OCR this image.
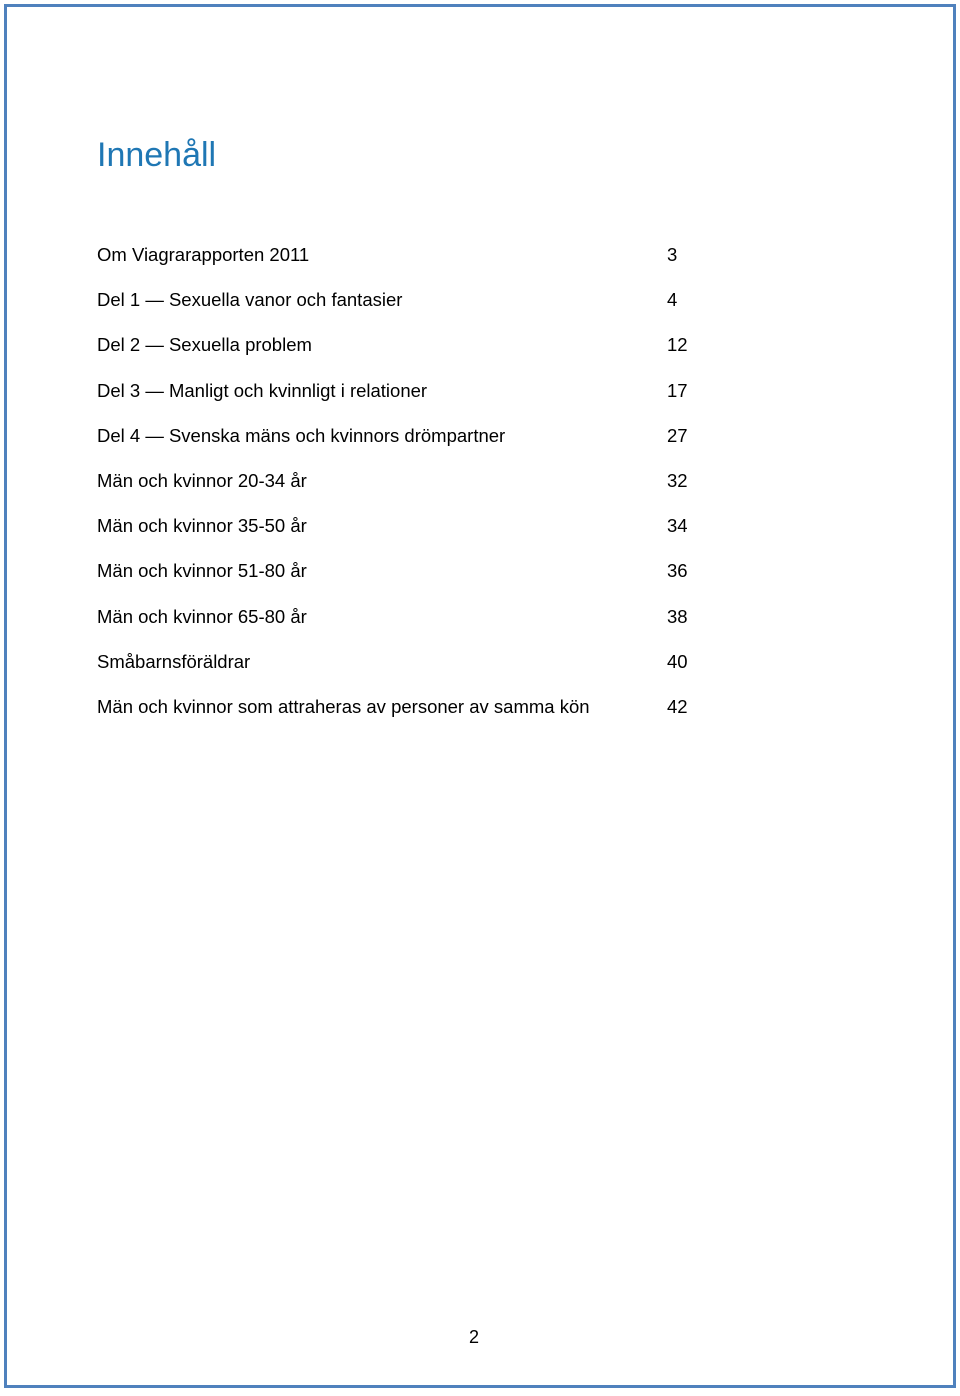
Innehåll
Om Viagrarapporten 2011	3
Del 1 — Sexuella vanor och fantasier	4
Del 2 — Sexuella problem	12
Del 3 — Manligt och kvinnligt i relationer	17
Del 4 — Svenska mäns och kvinnors drömpartner	27
Män och kvinnor 20-34 år	32
Män och kvinnor 35-50 år	34
Män och kvinnor 51-80 år	36
Män och kvinnor 65-80 år	38
Småbarnsföräldrar	40
Män och kvinnor som attraheras av personer av samma kön	42
2
